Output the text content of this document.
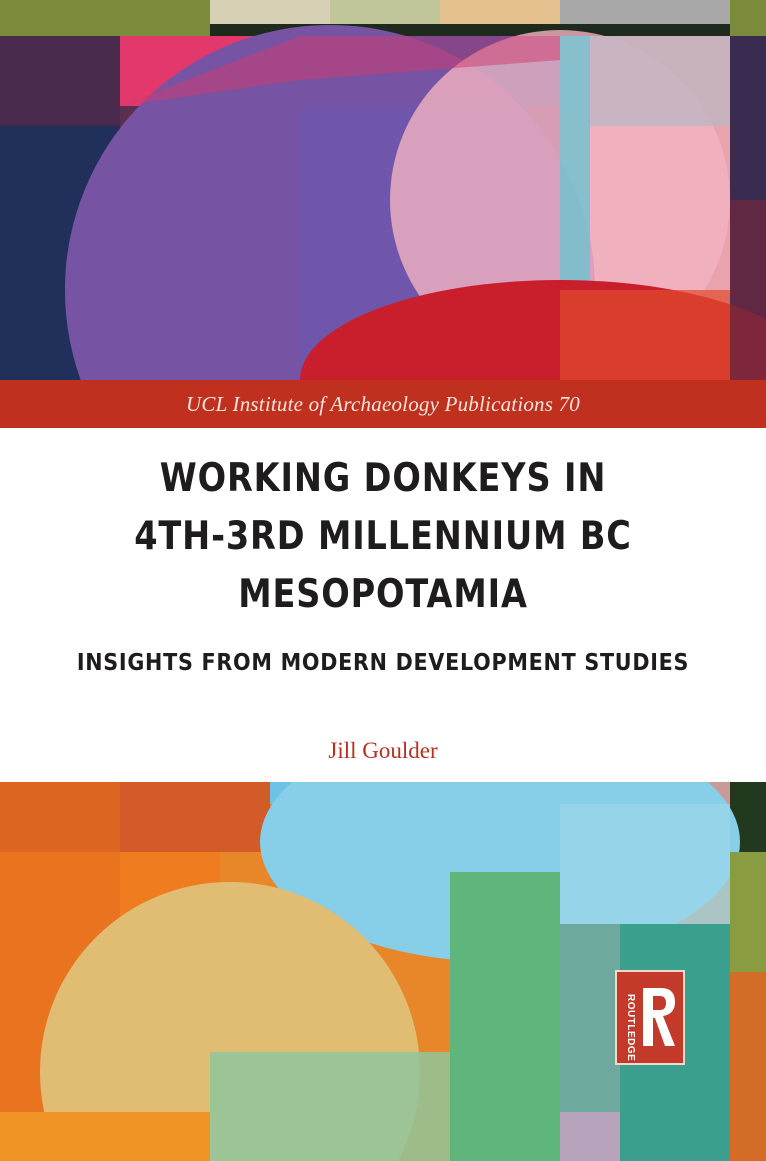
UCL Institute of Archaeology Publications 70
WORKING DONKEYS IN
4TH-3RD MILLENNIUM BC
MESOPOTAMIA
INSIGHTS FROM MODERN DEVELOPMENT STUDIES
Jill Goulder
ROUTLEDGE
